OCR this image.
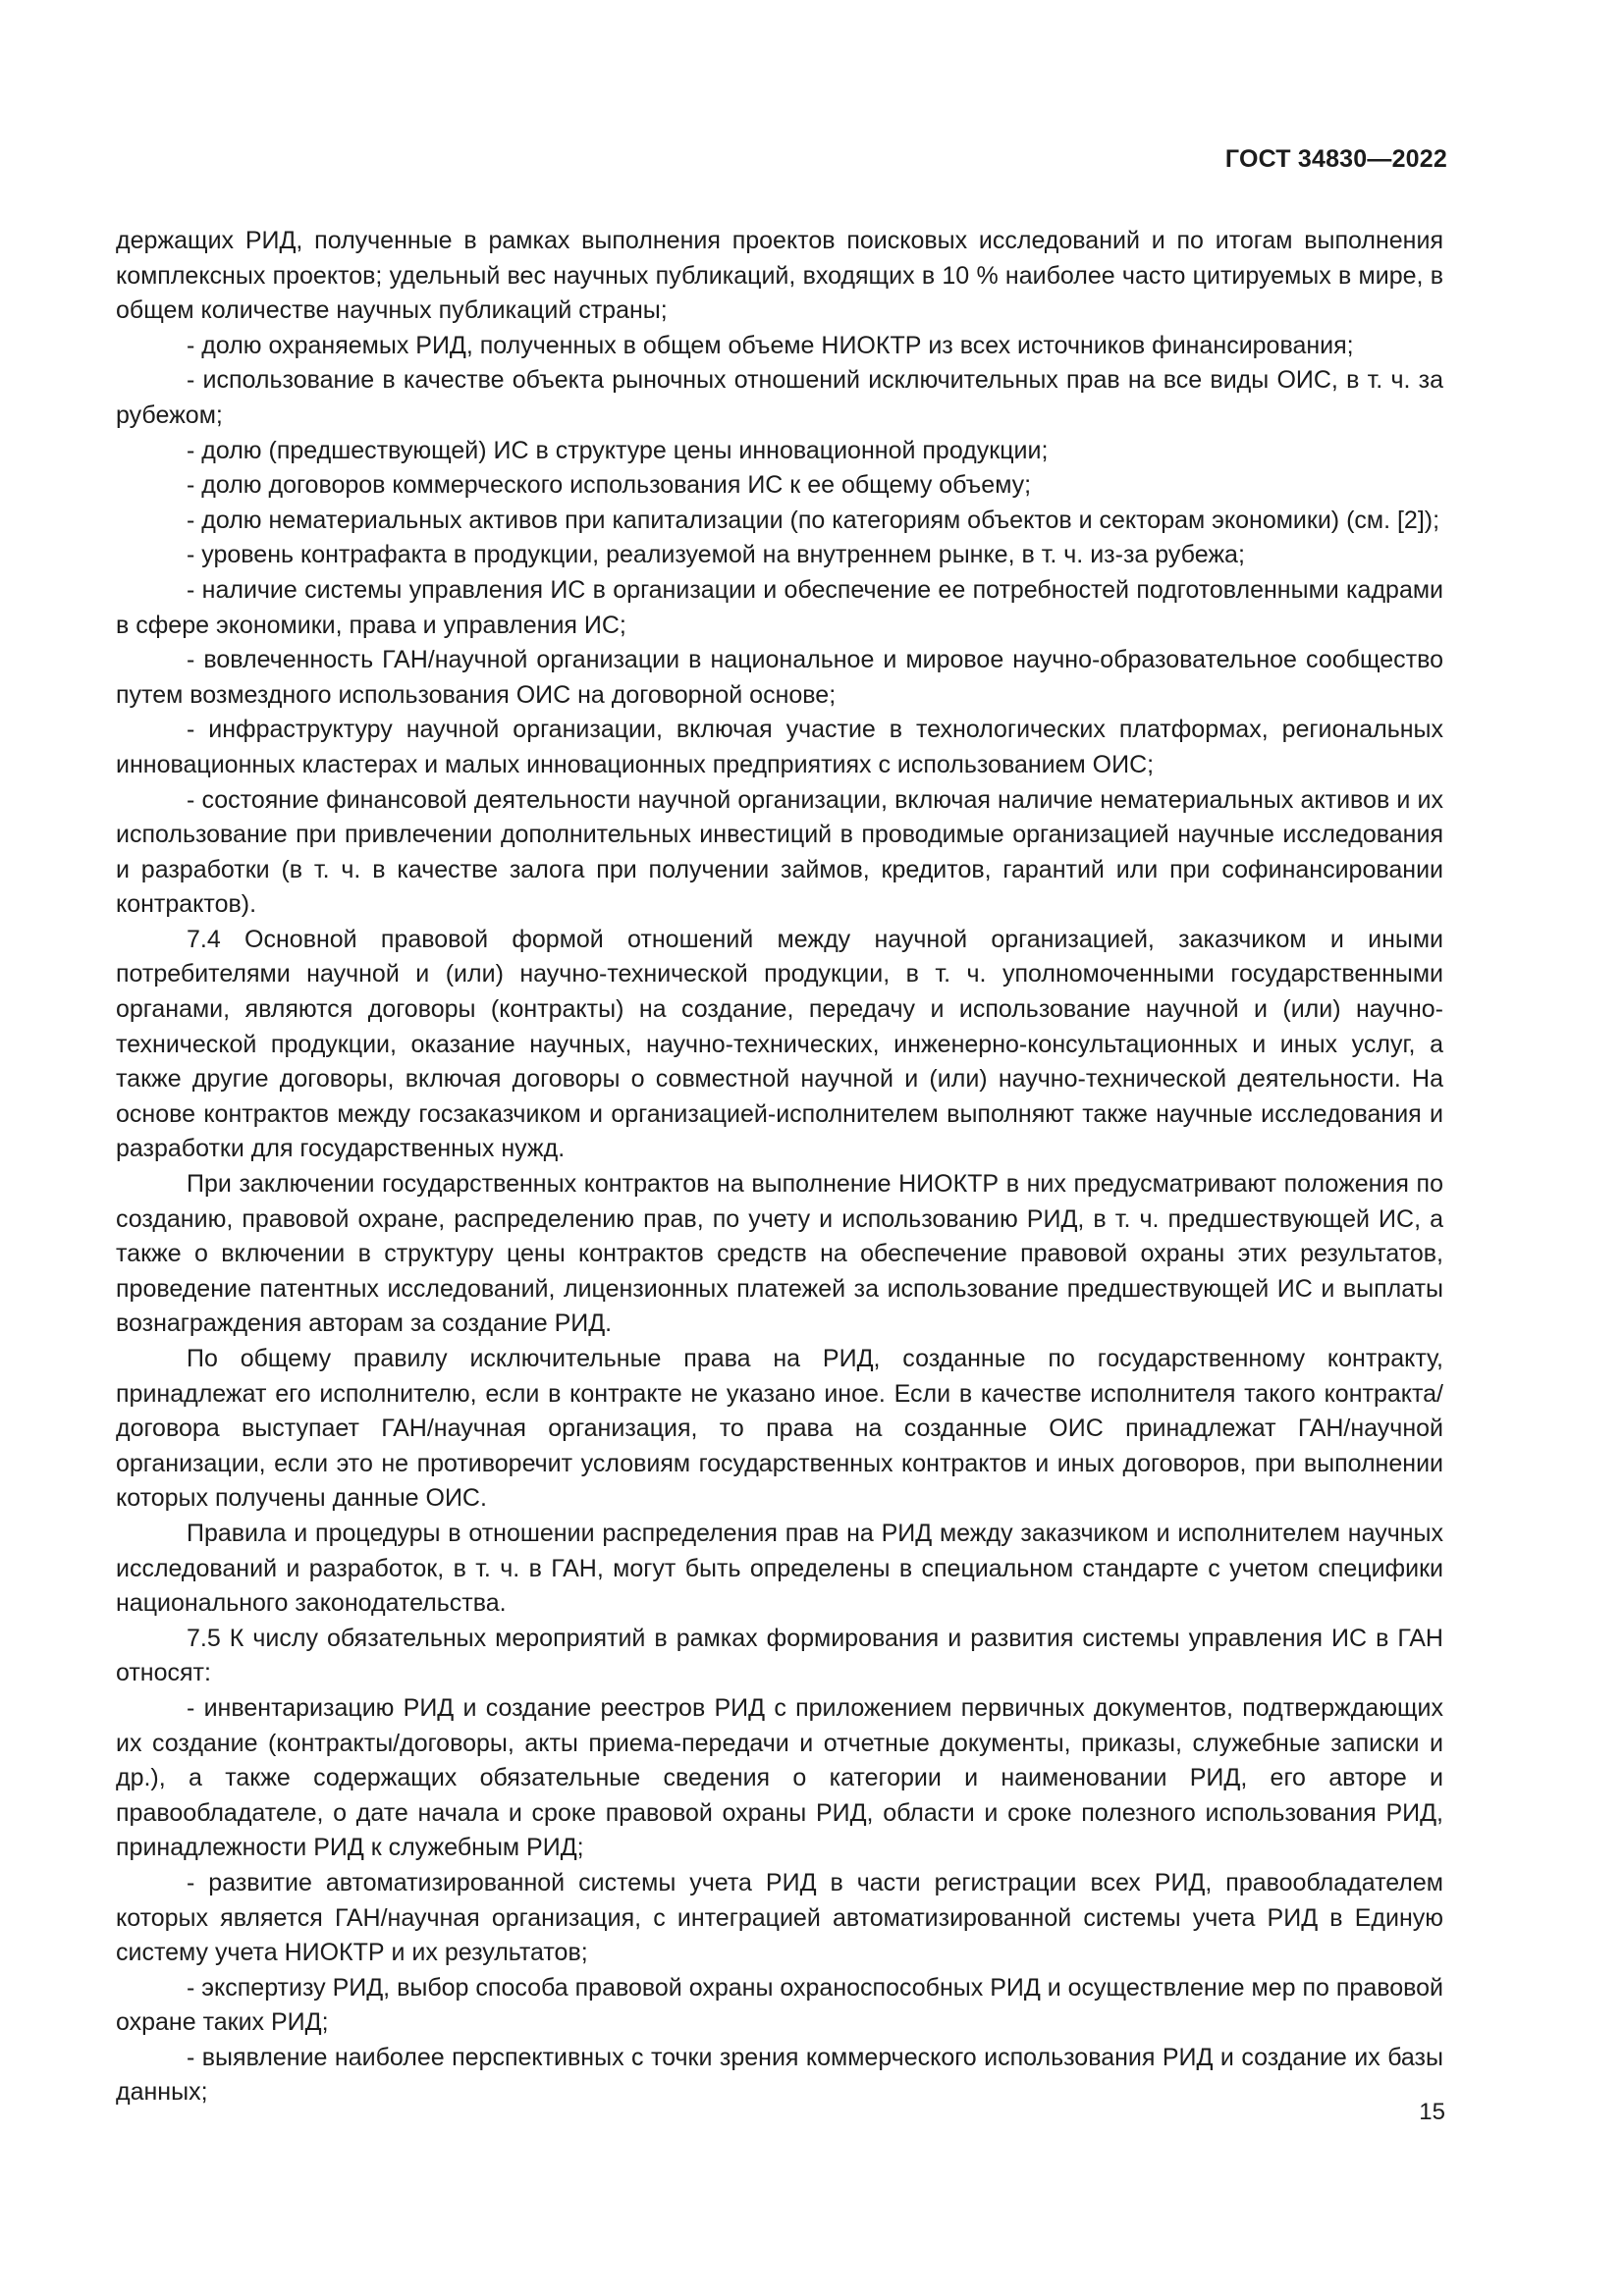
ГОСТ 34830—2022

держащих РИД, полученные в рамках выполнения проектов поисковых исследований и по итогам выполнения комплексных проектов; удельный вес научных публикаций, входящих в 10 % наиболее часто цитируемых в мире, в общем количестве научных публикаций страны;

- долю охраняемых РИД, полученных в общем объеме НИОКТР из всех источников финансирования;

- использование в качестве объекта рыночных отношений исключительных прав на все виды ОИС, в т. ч. за рубежом;

- долю (предшествующей) ИС в структуре цены инновационной продукции;

- долю договоров коммерческого использования ИС к ее общему объему;

- долю нематериальных активов при капитализации (по категориям объектов и секторам экономики) (см. [2]);

- уровень контрафакта в продукции, реализуемой на внутреннем рынке, в т. ч. из-за рубежа;

- наличие системы управления ИС в организации и обеспечение ее потребностей подготовленными кадрами в сфере экономики, права и управления ИС;

- вовлеченность ГАН/научной организации в национальное и мировое научно-образовательное сообщество путем возмездного использования ОИС на договорной основе;

- инфраструктуру научной организации, включая участие в технологических платформах, региональных инновационных кластерах и малых инновационных предприятиях с использованием ОИС;

- состояние финансовой деятельности научной организации, включая наличие нематериальных активов и их использование при привлечении дополнительных инвестиций в проводимые организацией научные исследования и разработки (в т. ч. в качестве залога при получении займов, кредитов, гарантий или при софинансировании контрактов).

7.4 Основной правовой формой отношений между научной организацией, заказчиком и иными потребителями научной и (или) научно-технической продукции, в т. ч. уполномоченными государственными органами, являются договоры (контракты) на создание, передачу и использование научной и (или) научно-технической продукции, оказание научных, научно-технических, инженерно-консультационных и иных услуг, а также другие договоры, включая договоры о совместной научной и (или) научно-технической деятельности. На основе контрактов между госзаказчиком и организацией-исполнителем выполняют также научные исследования и разработки для государственных нужд.

При заключении государственных контрактов на выполнение НИОКТР в них предусматривают положения по созданию, правовой охране, распределению прав, по учету и использованию РИД, в т. ч. предшествующей ИС, а также о включении в структуру цены контрактов средств на обеспечение правовой охраны этих результатов, проведение патентных исследований, лицензионных платежей за использование предшествующей ИС и выплаты вознаграждения авторам за создание РИД.

По общему правилу исключительные права на РИД, созданные по государственному контракту, принадлежат его исполнителю, если в контракте не указано иное. Если в качестве исполнителя такого контракта/договора выступает ГАН/научная организация, то права на созданные ОИС принадлежат ГАН/научной организации, если это не противоречит условиям государственных контрактов и иных договоров, при выполнении которых получены данные ОИС.

Правила и процедуры в отношении распределения прав на РИД между заказчиком и исполнителем научных исследований и разработок, в т. ч. в ГАН, могут быть определены в специальном стандарте с учетом специфики национального законодательства.

7.5 К числу обязательных мероприятий в рамках формирования и развития системы управления ИС в ГАН относят:

- инвентаризацию РИД и создание реестров РИД с приложением первичных документов, подтверждающих их создание (контракты/договоры, акты приема-передачи и отчетные документы, приказы, служебные записки и др.), а также содержащих обязательные сведения о категории и наименовании РИД, его авторе и правообладателе, о дате начала и сроке правовой охраны РИД, области и сроке полезного использования РИД, принадлежности РИД к служебным РИД;

- развитие автоматизированной системы учета РИД в части регистрации всех РИД, правообладателем которых является ГАН/научная организация, с интеграцией автоматизированной системы учета РИД в Единую систему учета НИОКТР и их результатов;

- экспертизу РИД, выбор способа правовой охраны охраноспособных РИД и осуществление мер по правовой охране таких РИД;

- выявление наиболее перспективных с точки зрения коммерческого использования РИД и создание их базы данных;

15
